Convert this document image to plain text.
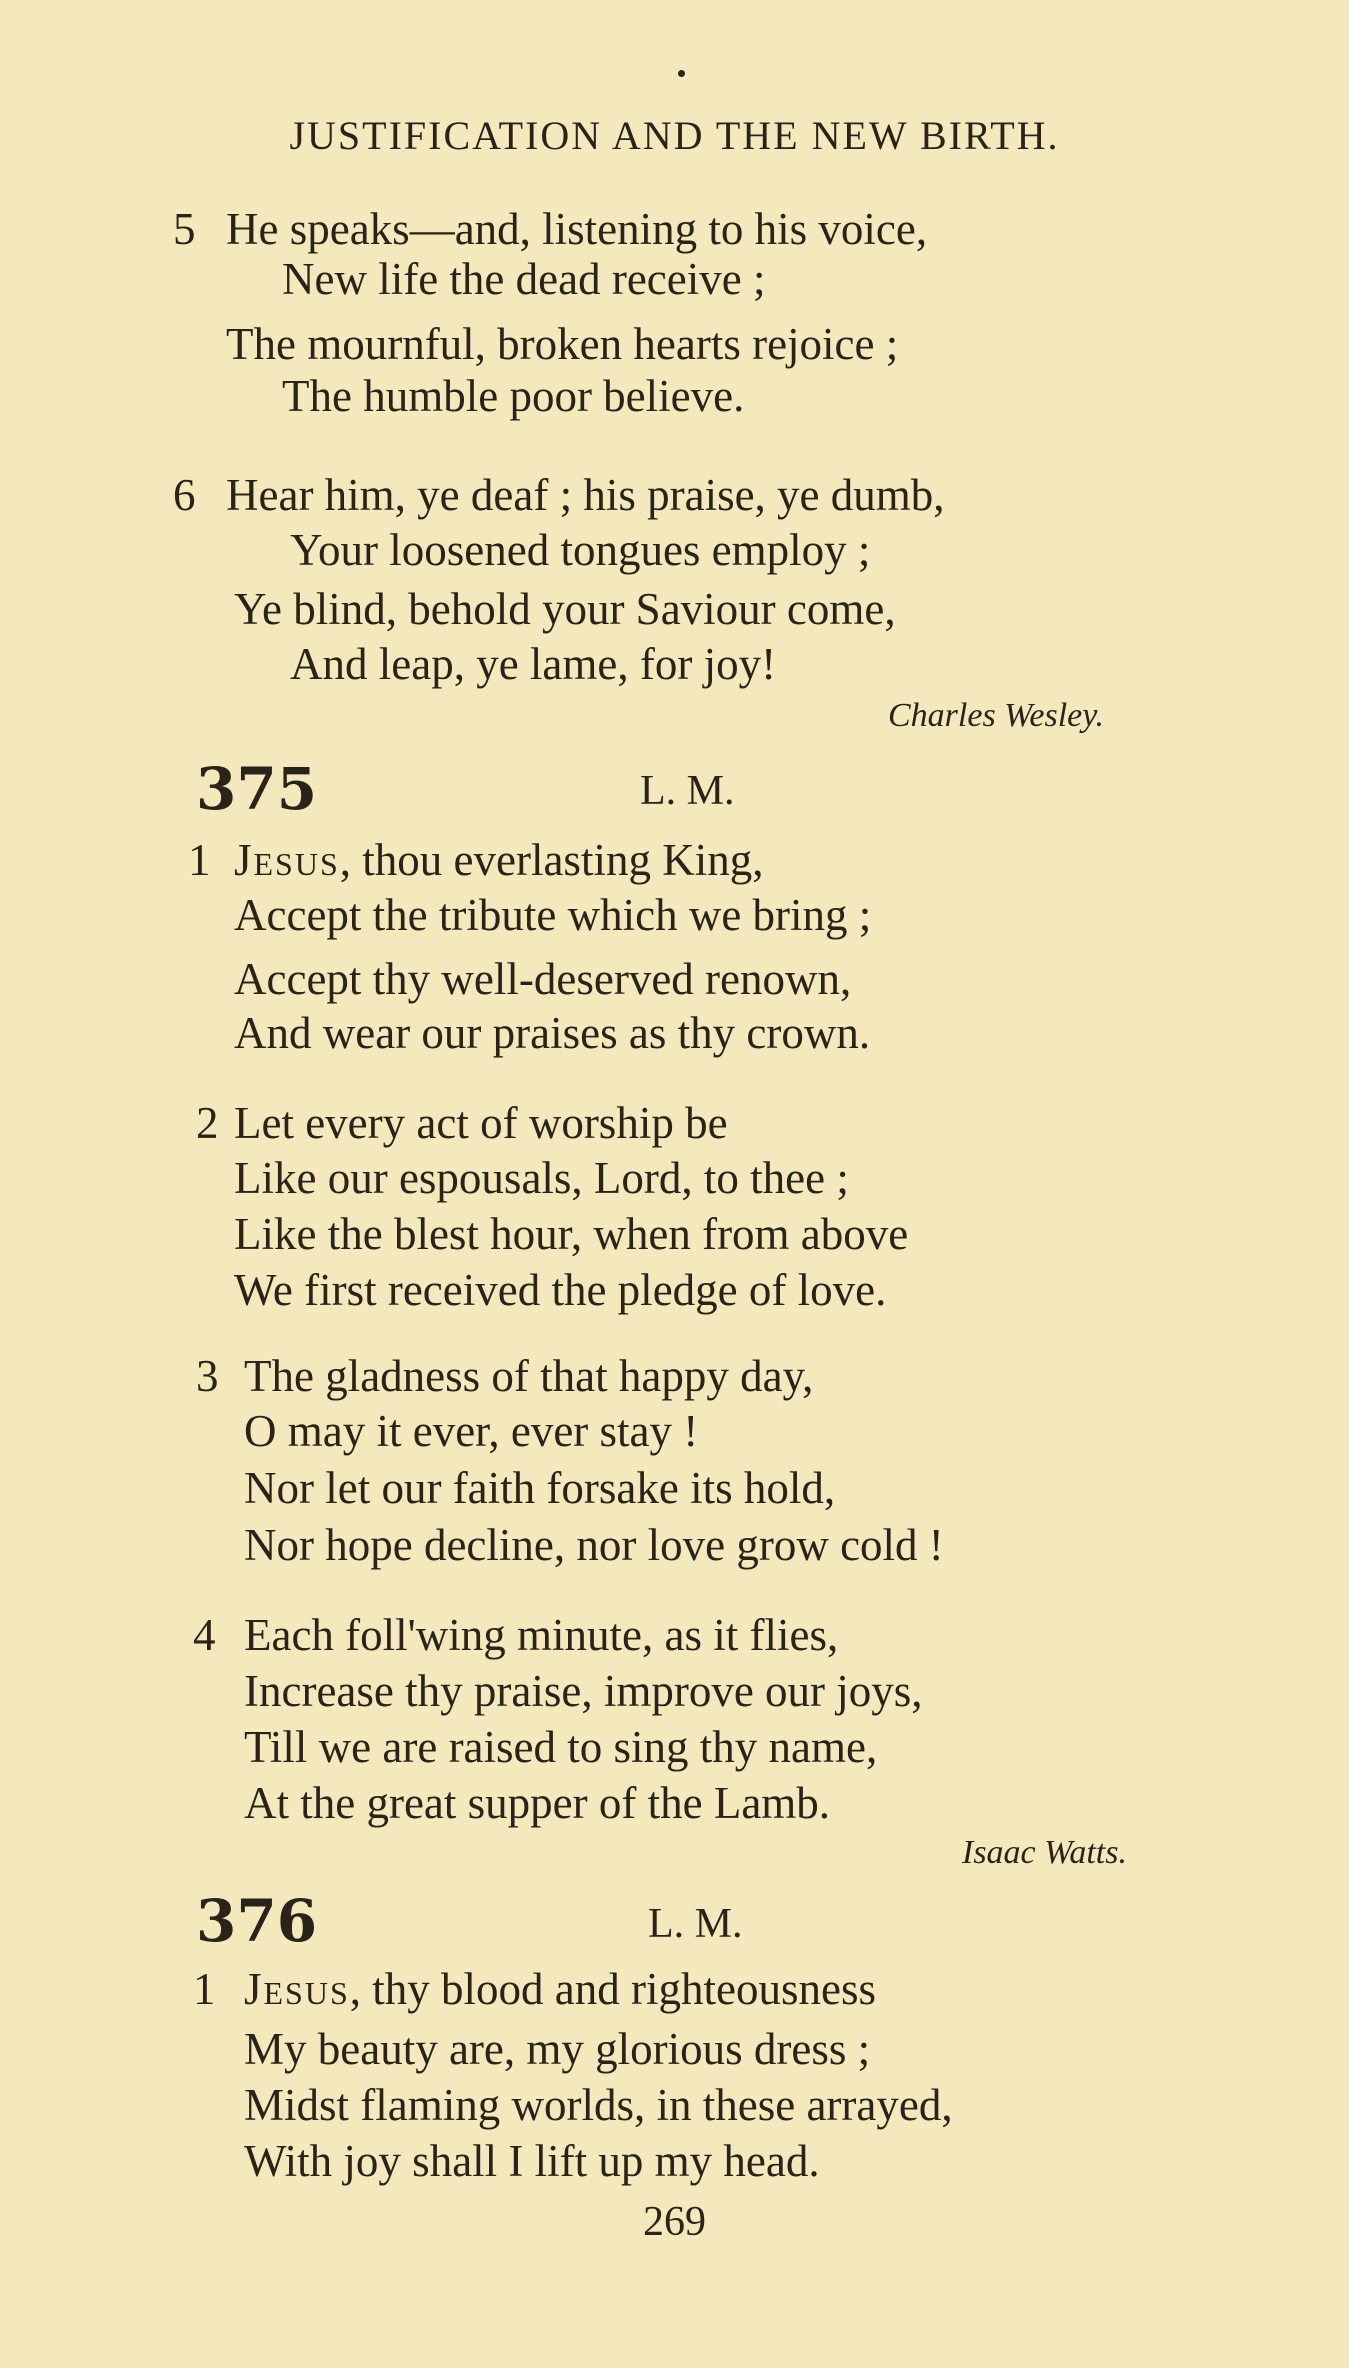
JUSTIFICATION AND THE NEW BIRTH.
5 He speaks—and, listening to his voice,
New life the dead receive ;
The mournful, broken hearts rejoice ;
The humble poor believe.
6 Hear him, ye deaf ; his praise, ye dumb,
Your loosened tongues employ ;
Ye blind, behold your Saviour come,
And leap, ye lame, for joy!
Charles Wesley.
375	L. M.
1 Jesus, thou everlasting King,
Accept the tribute which we bring ;
Accept thy well-deserved renown,
And wear our praises as thy crown.
2 Let every act of worship be
Like our espousals, Lord, to thee ;
Like the blest hour, when from above
We first received the pledge of love.
3 The gladness of that happy day,
O may it ever, ever stay !
Nor let our faith forsake its hold,
Nor hope decline, nor love grow cold !
4 Each foll'wing minute, as it flies,
Increase thy praise, improve our joys,
Till we are raised to sing thy name,
At the great supper of the Lamb.
Isaac Watts.
376	L. M.
1 Jesus, thy blood and righteousness
My beauty are, my glorious dress ;
Midst flaming worlds, in these arrayed,
With joy shall I lift up my head.
269
